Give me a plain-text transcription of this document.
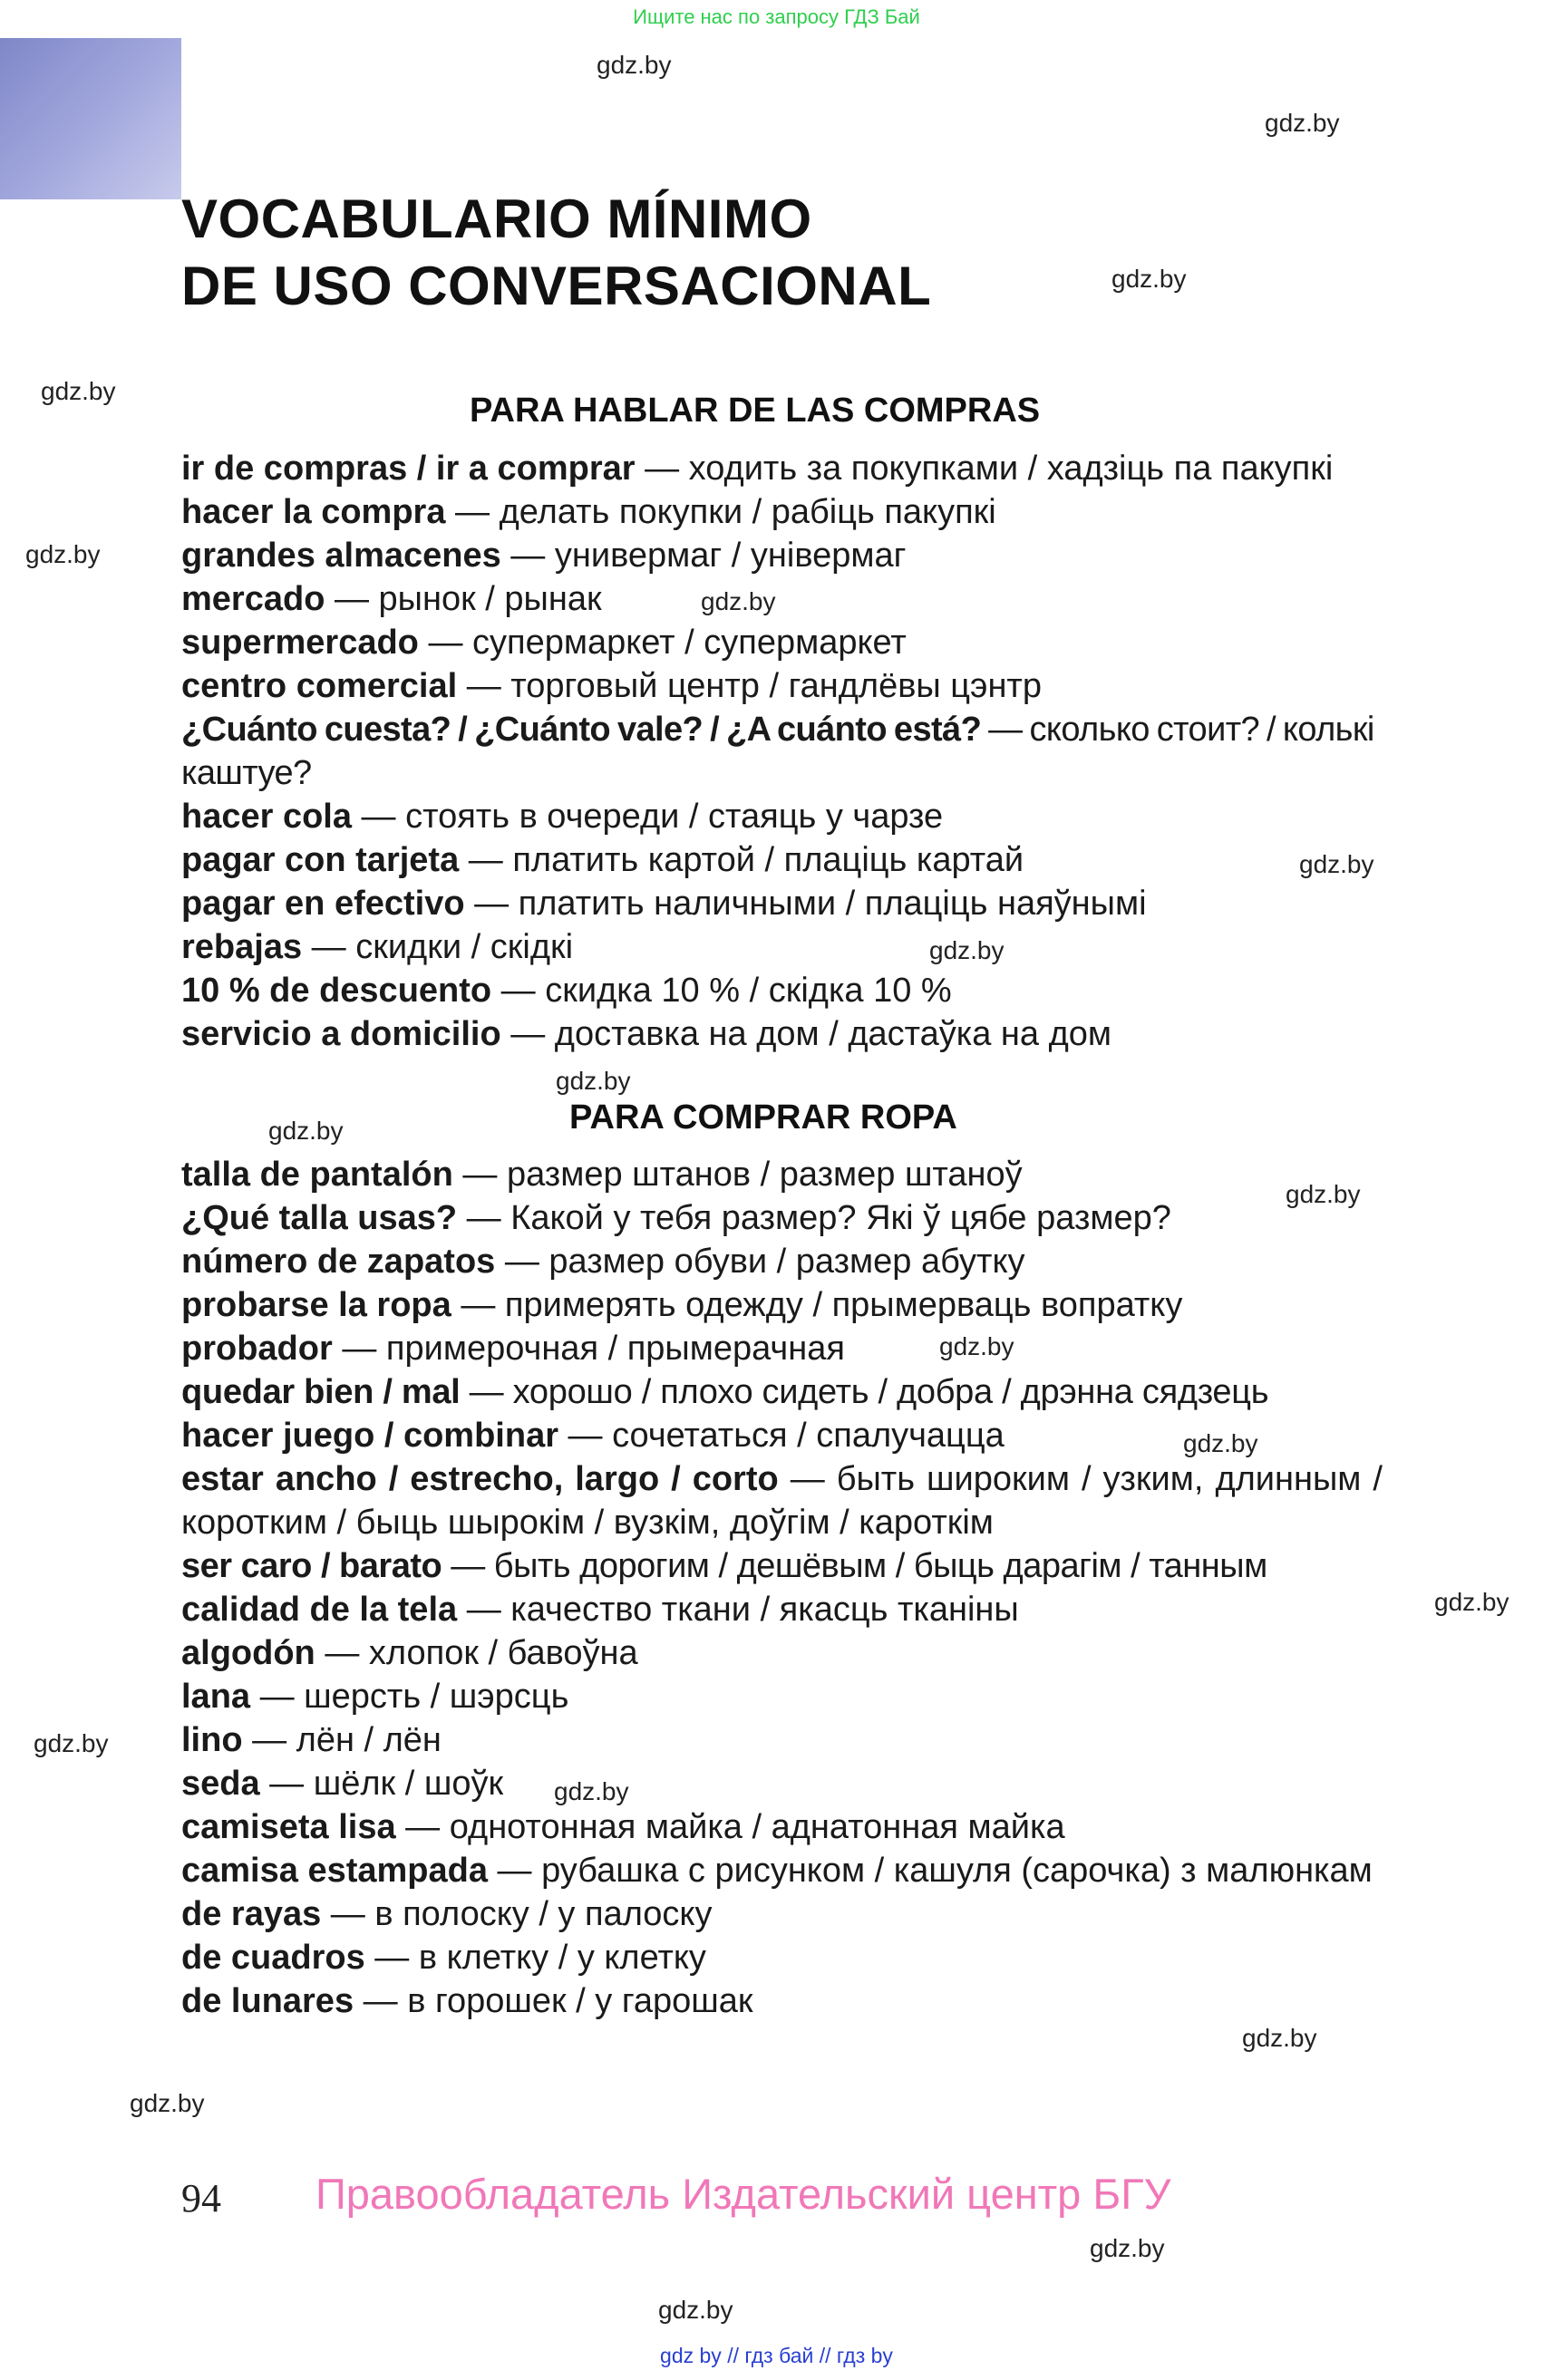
Ищите нас по запросу ГДЗ Бай
VOCABULARIO MÍNIMO
DE USO CONVERSACIONAL
PARA HABLAR DE LAS COMPRAS
ir de compras / ir a comprar — ходить за покупками / хадзіць па пакупкі
hacer la compra — делать покупки / рабіць пакупкі
grandes almacenes — универмаг / універмаг
mercado — рынок / рынак
supermercado — супермаркет / супермаркет
centro comercial — торговый центр / гандлёвы цэнтр
¿Cuánto cuesta? / ¿Cuánto vale? / ¿A cuánto está? — сколько стоит? / колькі каштуе?
hacer cola — стоять в очереди / стаяць у чарзе
pagar con tarjeta — платить картой / плаціць картай
pagar en efectivo — платить наличными / плаціць наяўнымі
rebajas — скидки / скідкі
10 % de descuento — скидка 10 % / скідка 10 %
servicio a domicilio — доставка на дом / дастаўка на дом
PARA COMPRAR ROPA
talla de pantalón — размер штанов / размер штаноў
¿Qué talla usas? — Какой у тебя размер? Які ў цябе размер?
número de zapatos — размер обуви / размер абутку
probarse la ropa — примерять одежду / прымерваць вопратку
probador — примерочная / прымерачная
quedar bien / mal — хорошо / плохо сидеть / добра / дрэнна сядзець
hacer juego / combinar — сочетаться / спалучацца
estar ancho / estrecho, largo / corto — быть широким / узким, длинным / коротким / быць шырокім / вузкім, доўгім / кароткім
ser caro / barato — быть дорогим / дешёвым / быць дарагім / танным
calidad de la tela — качество ткани / якасць тканіны
algodón — хлопок / бавоўна
lana — шерсть / шэрсць
lino — лён / лён
seda — шёлк / шоўк
camiseta lisa — однотонная майка / аднатонная майка
camisa estampada — рубашка с рисунком / кашуля (сарочка) з малюнкам
de rayas — в полоску / у палоску
de cuadros — в клетку / у клетку
de lunares — в горошек / у гарошак
gdz.by
gdz.by
gdz.by
gdz.by
gdz.by
gdz.by
gdz.by
gdz.by
gdz.by
gdz.by
gdz.by
gdz.by
gdz.by
gdz.by
gdz.by
gdz.by
gdz.by
gdz.by
gdz.by
gdz.by
94 Правообладатель Издательский центр БГУ
gdz by // гдз бай // гдз by
